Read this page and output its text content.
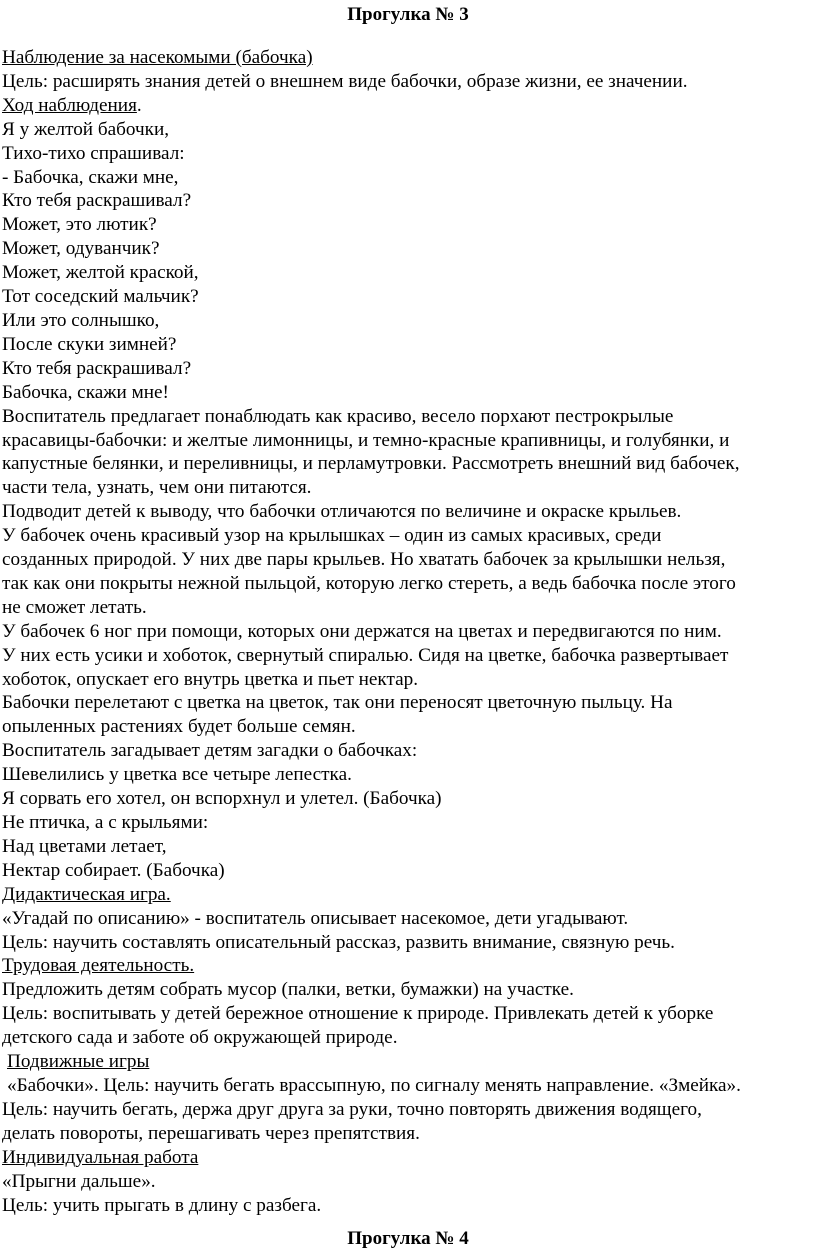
Прогулка № 3
Наблюдение за насекомыми (бабочка)
Цель: расширять знания детей о внешнем виде бабочки, образе жизни, ее значении.
Ход наблюдения.
Я у желтой бабочки,
Тихо-тихо спрашивал:
- Бабочка, скажи мне,
Кто тебя раскрашивал?
Может, это лютик?
Может, одуванчик?
Может, желтой краской,
Тот соседский мальчик?
Или это солнышко,
После скуки зимней?
Кто тебя раскрашивал?
Бабочка, скажи мне!
Воспитатель предлагает понаблюдать как красиво, весело порхают пестрокрылые
красавицы-бабочки: и желтые лимонницы, и темно-красные крапивницы, и голубянки, и
капустные белянки, и переливницы, и перламутровки. Рассмотреть внешний вид бабочек,
части тела, узнать, чем они питаются.
Подводит детей к выводу, что бабочки отличаются по величине и окраске крыльев.
У бабочек очень красивый узор на крылышках – один из самых красивых, среди
созданных природой. У них две пары крыльев. Но хватать бабочек за крылышки нельзя,
так как они покрыты нежной пыльцой, которую легко стереть, а ведь бабочка после этого
не сможет летать.
У бабочек 6 ног при помощи, которых они держатся на цветах и передвигаются по ним.
У них есть усики и хоботок, свернутый спиралью. Сидя на цветке, бабочка развертывает
хоботок, опускает его внутрь цветка и пьет нектар.
Бабочки перелетают с цветка на цветок, так они переносят цветочную пыльцу. На
опыленных растениях будет больше семян.
Воспитатель загадывает детям загадки о бабочках:
Шевелились у цветка все четыре лепестка.
Я сорвать его хотел, он вспорхнул и улетел. (Бабочка)
Не птичка, а с крыльями:
Над цветами летает,
Нектар собирает. (Бабочка)
Дидактическая игра.
«Угадай по описанию» - воспитатель описывает насекомое, дети угадывают.
Цель: научить составлять описательный рассказ, развить внимание, связную речь.
Трудовая деятельность.
Предложить детям собрать мусор (палки, ветки, бумажки) на участке.
Цель: воспитывать у детей бережное отношение к природе. Привлекать детей к уборке
детского сада и заботе об окружающей природе.
Подвижные игры
«Бабочки». Цель: научить бегать врассыпную, по сигналу менять направление. «Змейка».
Цель: научить бегать, держа друг друга за руки, точно повторять движения водящего,
делать повороты, перешагивать через препятствия.
Индивидуальная работа
«Прыгни дальше».
Цель: учить прыгать в длину с разбега.
Прогулка № 4
